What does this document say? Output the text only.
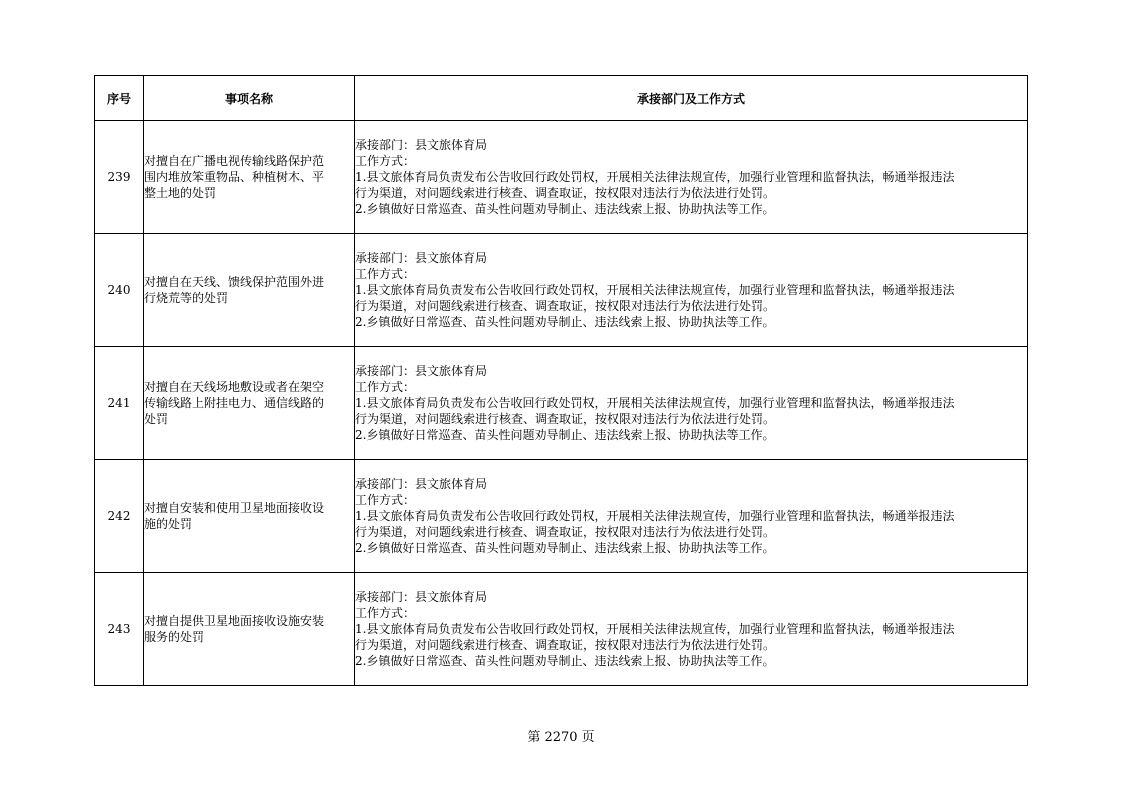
序号	事项名称	承接部门及工作方式
239	对擅自在广播电视传输线路保护范
围内堆放笨重物品、种植树木、平
整土地的处罚	承接部门：县文旅体育局
工作方式：
1.县文旅体育局负责发布公告收回行政处罚权，开展相关法律法规宣传，加强行业管理和监督执法，畅通举报违法
行为渠道，对问题线索进行核查、调查取证，按权限对违法行为依法进行处罚。
2.乡镇做好日常巡查、苗头性问题劝导制止、违法线索上报、协助执法等工作。

240	对擅自在天线、馈线保护范围外进
行烧荒等的处罚	承接部门：县文旅体育局
工作方式：
1.县文旅体育局负责发布公告收回行政处罚权，开展相关法律法规宣传，加强行业管理和监督执法，畅通举报违法
行为渠道，对问题线索进行核查、调查取证，按权限对违法行为依法进行处罚。
2.乡镇做好日常巡查、苗头性问题劝导制止、违法线索上报、协助执法等工作。

241	对擅自在天线场地敷设或者在架空
传输线路上附挂电力、通信线路的
处罚	承接部门：县文旅体育局
工作方式：
1.县文旅体育局负责发布公告收回行政处罚权，开展相关法律法规宣传，加强行业管理和监督执法，畅通举报违法
行为渠道，对问题线索进行核查、调查取证，按权限对违法行为依法进行处罚。
2.乡镇做好日常巡查、苗头性问题劝导制止、违法线索上报、协助执法等工作。

242	对擅自安装和使用卫星地面接收设
施的处罚	承接部门：县文旅体育局
工作方式：
1.县文旅体育局负责发布公告收回行政处罚权，开展相关法律法规宣传，加强行业管理和监督执法，畅通举报违法
行为渠道，对问题线索进行核查、调查取证，按权限对违法行为依法进行处罚。
2.乡镇做好日常巡查、苗头性问题劝导制止、违法线索上报、协助执法等工作。

243	对擅自提供卫星地面接收设施安装
服务的处罚	承接部门：县文旅体育局
工作方式：
1.县文旅体育局负责发布公告收回行政处罚权，开展相关法律法规宣传，加强行业管理和监督执法，畅通举报违法
行为渠道，对问题线索进行核查、调查取证，按权限对违法行为依法进行处罚。
2.乡镇做好日常巡查、苗头性问题劝导制止、违法线索上报、协助执法等工作。
第 2270 页
